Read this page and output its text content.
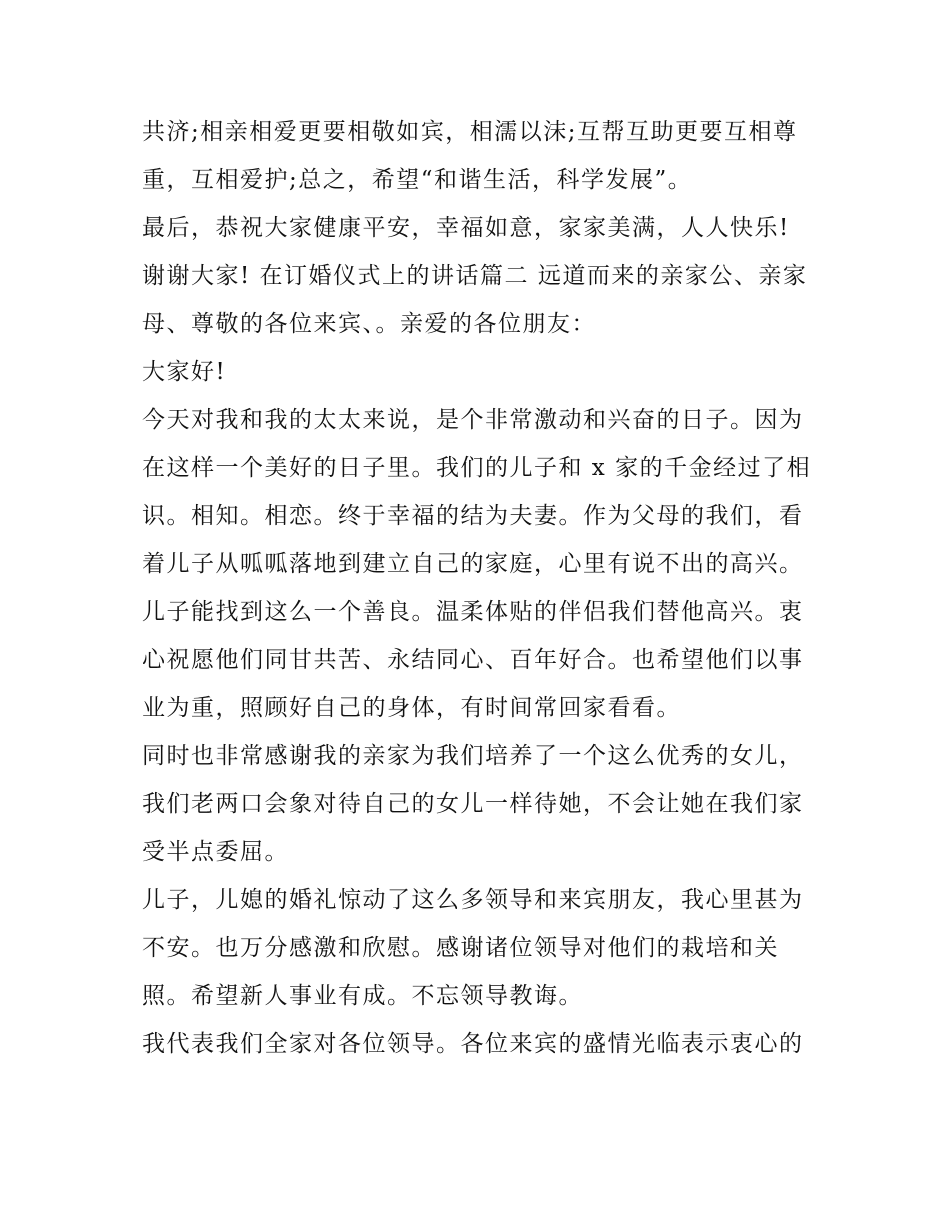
共济;相亲相爱更要相敬如宾，相濡以沫;互帮互助更要互相尊
重，互相爱护;总之，希望“和谐生活，科学发展”。
最后，恭祝大家健康平安，幸福如意，家家美满，人人快乐!
谢谢大家! 在订婚仪式上的讲话篇二 远道而来的亲家公、亲家
母、尊敬的各位来宾、。亲爱的各位朋友：
大家好!
今天对我和我的太太来说，是个非常激动和兴奋的日子。因为
在这样一个美好的日子里。我们的儿子和 x 家的千金经过了相
识。相知。相恋。终于幸福的结为夫妻。作为父母的我们，看
着儿子从呱呱落地到建立自己的家庭，心里有说不出的高兴。
儿子能找到这么一个善良。温柔体贴的伴侣我们替他高兴。衷
心祝愿他们同甘共苦、永结同心、百年好合。也希望他们以事
业为重，照顾好自己的身体，有时间常回家看看。
同时也非常感谢我的亲家为我们培养了一个这么优秀的女儿，
我们老两口会象对待自己的女儿一样待她，不会让她在我们家
受半点委屈。
儿子，儿媳的婚礼惊动了这么多领导和来宾朋友，我心里甚为
不安。也万分感激和欣慰。感谢诸位领导对他们的栽培和关
照。希望新人事业有成。不忘领导教诲。
我代表我们全家对各位领导。各位来宾的盛情光临表示衷心的
